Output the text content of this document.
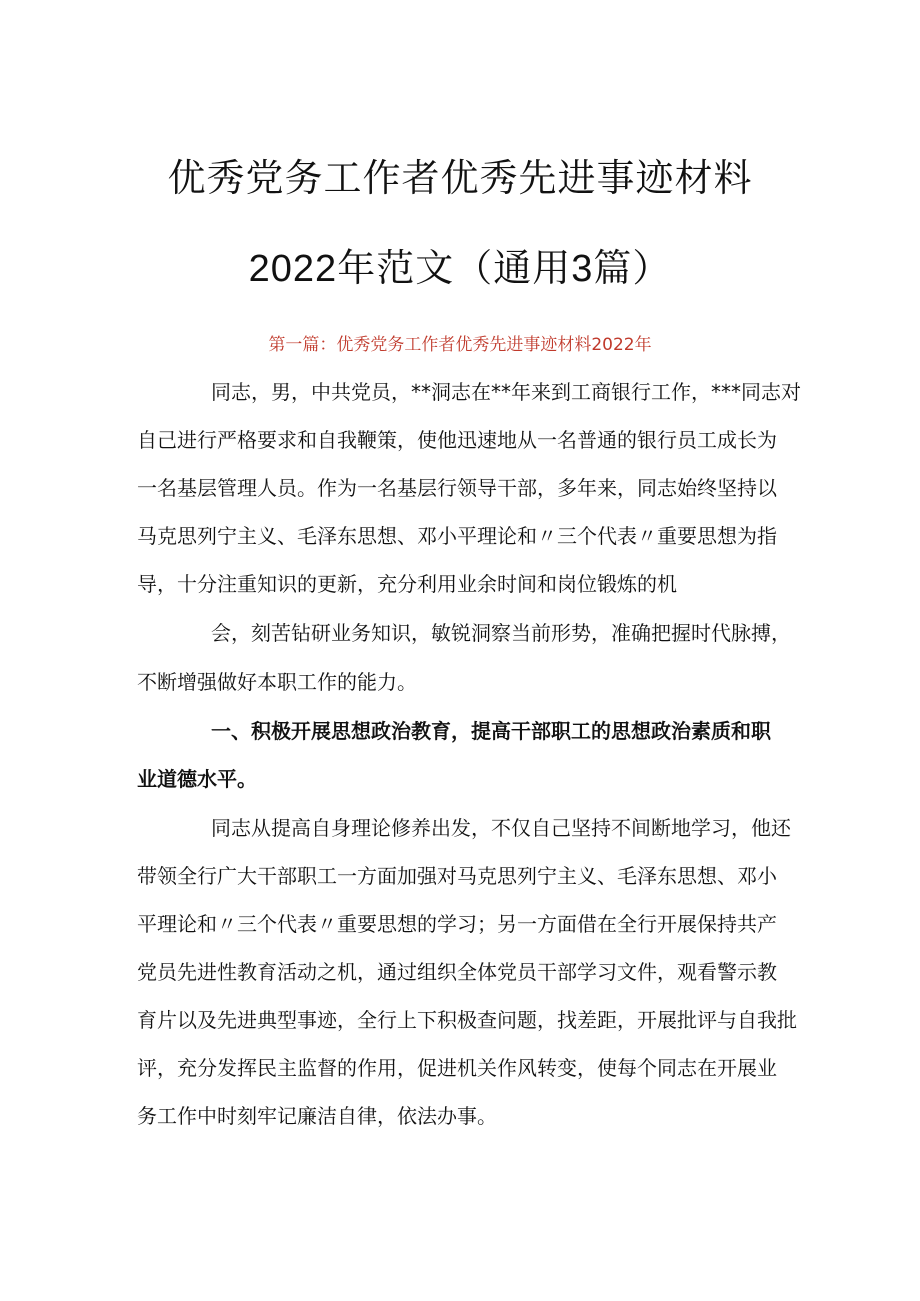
优秀党务工作者优秀先进事迹材料
2022年范文（通用3篇）
第一篇：优秀党务工作者优秀先进事迹材料2022年
同志，男，中共党员，**洞志在**年来到工商银行工作，***同志对
自己进行严格要求和自我鞭策，使他迅速地从一名普通的银行员工成长为
一名基层管理人员。作为一名基层行领导干部，多年来，同志始终坚持以
马克思列宁主义、毛泽东思想、邓小平理论和〃三个代表〃重要思想为指
导，十分注重知识的更新，充分利用业余时间和岗位锻炼的机
会，刻苦钻研业务知识，敏锐洞察当前形势，准确把握时代脉搏，
不断增强做好本职工作的能力。
一、积极开展思想政治教育，提高干部职工的思想政治素质和职
业道德水平。
同志从提高自身理论修养出发，不仅自己坚持不间断地学习，他还
带领全行广大干部职工一方面加强对马克思列宁主义、毛泽东思想、邓小
平理论和〃三个代表〃重要思想的学习；另一方面借在全行开展保持共产
党员先进性教育活动之机，通过组织全体党员干部学习文件，观看警示教
育片以及先进典型事迹，全行上下积极查问题，找差距，开展批评与自我批
评，充分发挥民主监督的作用，促进机关作风转变，使每个同志在开展业
务工作中时刻牢记廉洁自律，依法办事。
